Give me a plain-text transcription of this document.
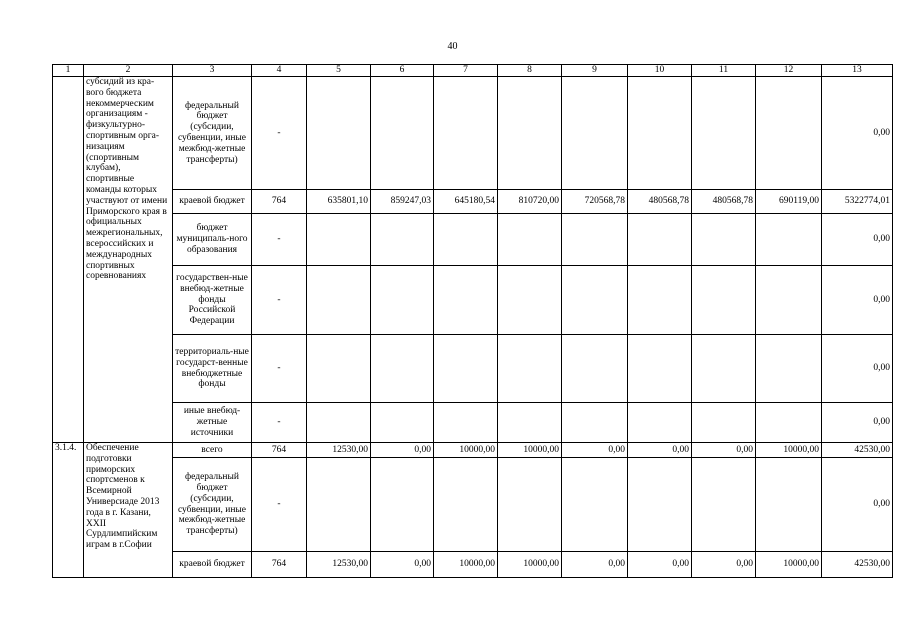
40
1	2	3	4	5	6	7	8	9	10	11	12	13
	субсидий из кра-вого бюджета некоммерческим организациям - физкультурно-спортивным орга-низациям (спортивным клубам), спортивные команды которых участвуют от имени Приморского края в официальных межрегиональных, всероссийских и международных спортивных соревнованиях	федеральный бюджет (субсидии, субвенции, иные межбюд-жетные трансферты)	-									0,00
		краевой бюджет	764	635801,10	859247,03	645180,54	810720,00	720568,78	480568,78	480568,78	690119,00	5322774,01
		бюджет муниципаль-ного образования	-									0,00
		государствен-ные внебюд-жетные фонды Российской Федерации	-									0,00
		территориаль-ные государст-венные внебюджетные фонды	-									0,00
		иные внебюд-жетные источники	-									0,00
3.1.4.	Обеспечение подготовки приморских спортсменов к Всемирной Универсиаде 2013 года в г. Казани, XXII Сурдлимпийским играм в г.Софии	всего	764	12530,00	0,00	10000,00	10000,00	0,00	0,00	0,00	10000,00	42530,00
		федеральный бюджет (субсидии, субвенции, иные межбюд-жетные трансферты)	-									0,00
		краевой бюджет	764	12530,00	0,00	10000,00	10000,00	0,00	0,00	0,00	10000,00	42530,00
